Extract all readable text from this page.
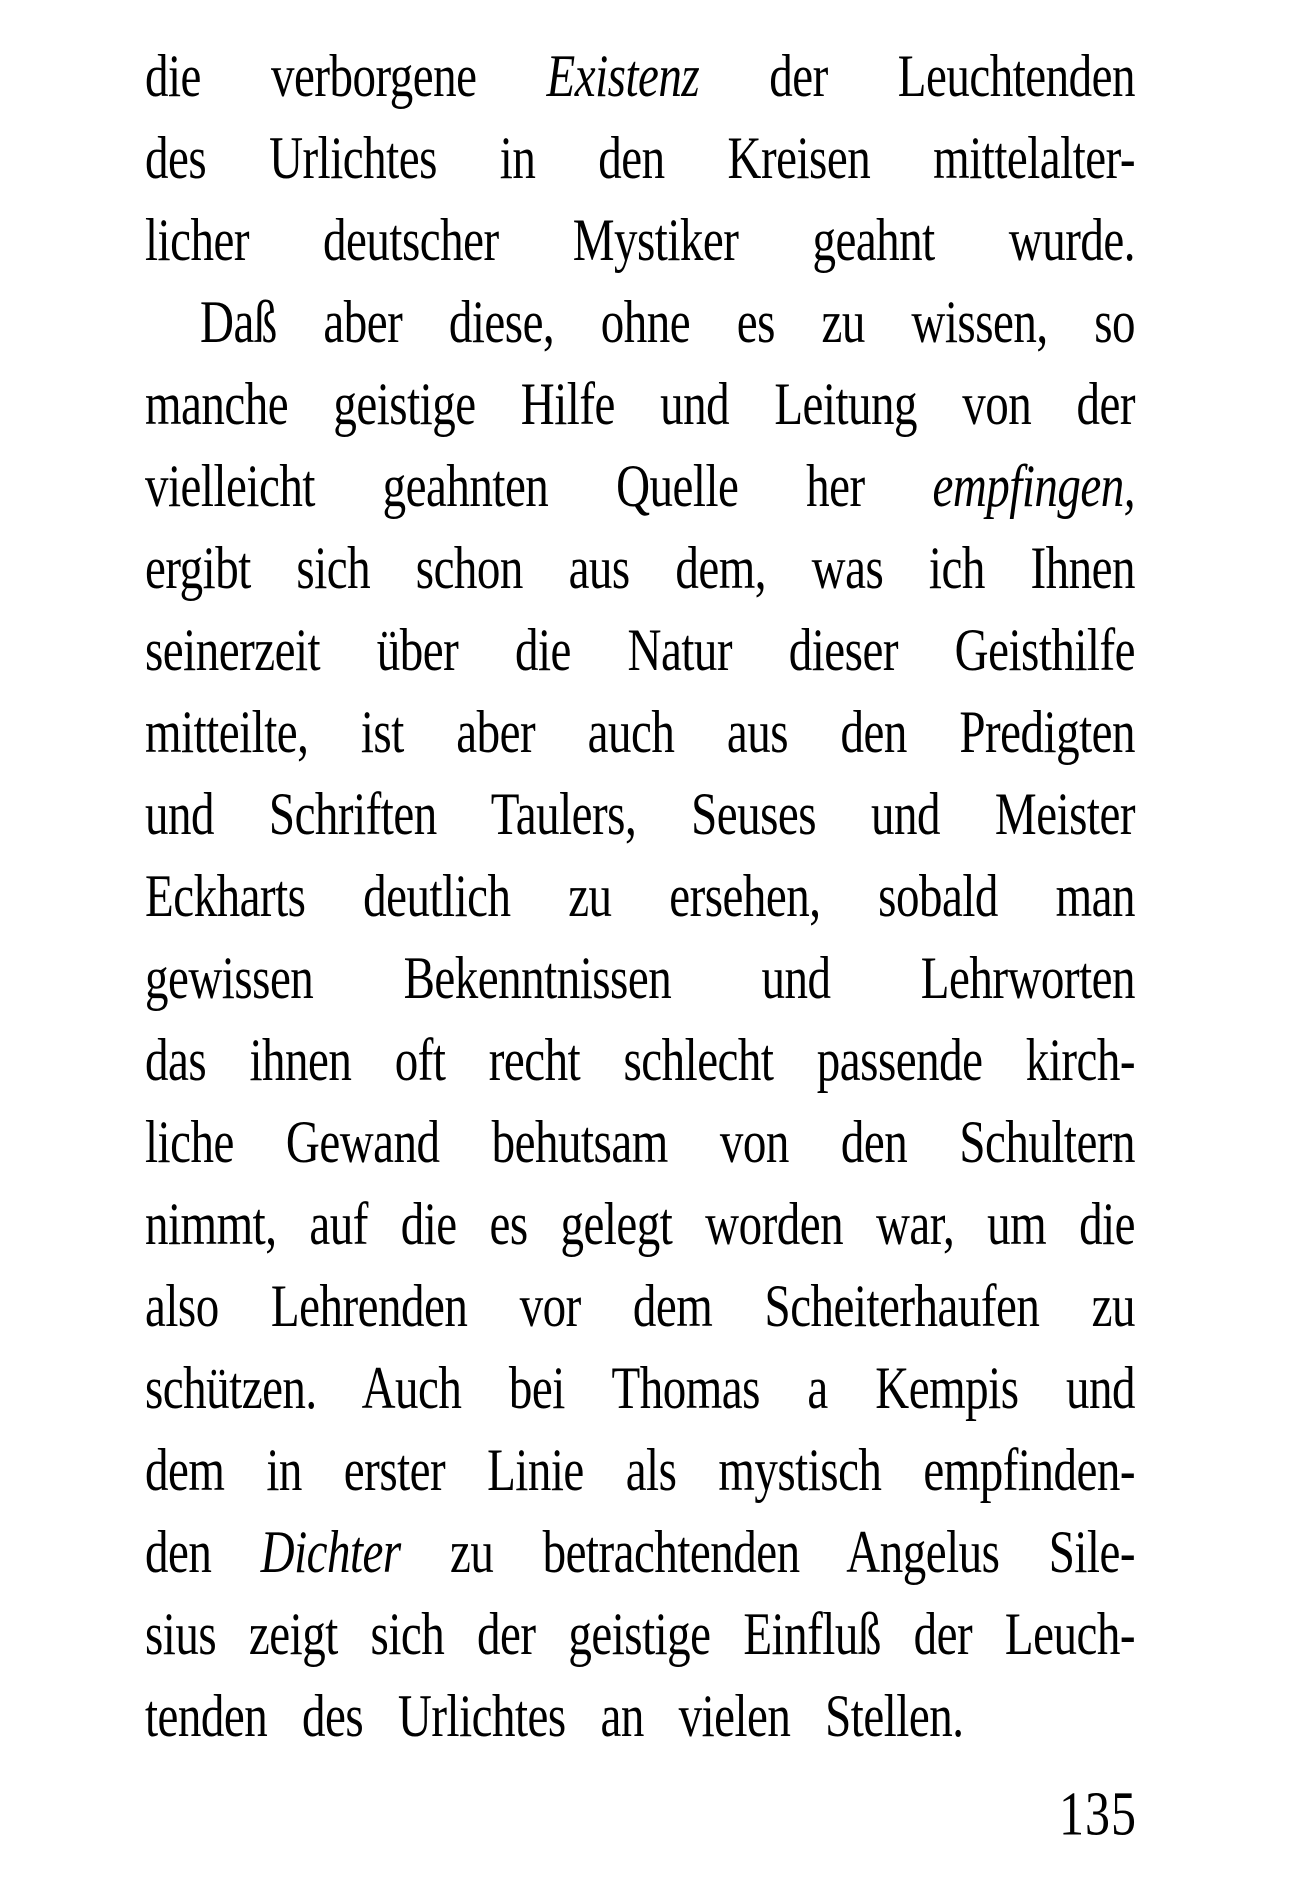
die verborgene Existenz der Leuchtenden
des Urlichtes in den Kreisen mittelalter-
licher deutscher Mystiker geahnt wurde.
Daß aber diese, ohne es zu wissen, so
manche geistige Hilfe und Leitung von der
vielleicht geahnten Quelle her empfingen,
ergibt sich schon aus dem, was ich Ihnen
seinerzeit über die Natur dieser Geisthilfe
mitteilte, ist aber auch aus den Predigten
und Schriften Taulers, Seuses und Meister
Eckharts deutlich zu ersehen, sobald man
gewissen Bekenntnissen und Lehrworten
das ihnen oft recht schlecht passende kirch-
liche Gewand behutsam von den Schultern
nimmt, auf die es gelegt worden war, um die
also Lehrenden vor dem Scheiterhaufen zu
schützen. Auch bei Thomas a Kempis und
dem in erster Linie als mystisch empfinden-
den Dichter zu betrachtenden Angelus Sile-
sius zeigt sich der geistige Einfluß der Leuch-
tenden des Urlichtes an vielen Stellen.
135
